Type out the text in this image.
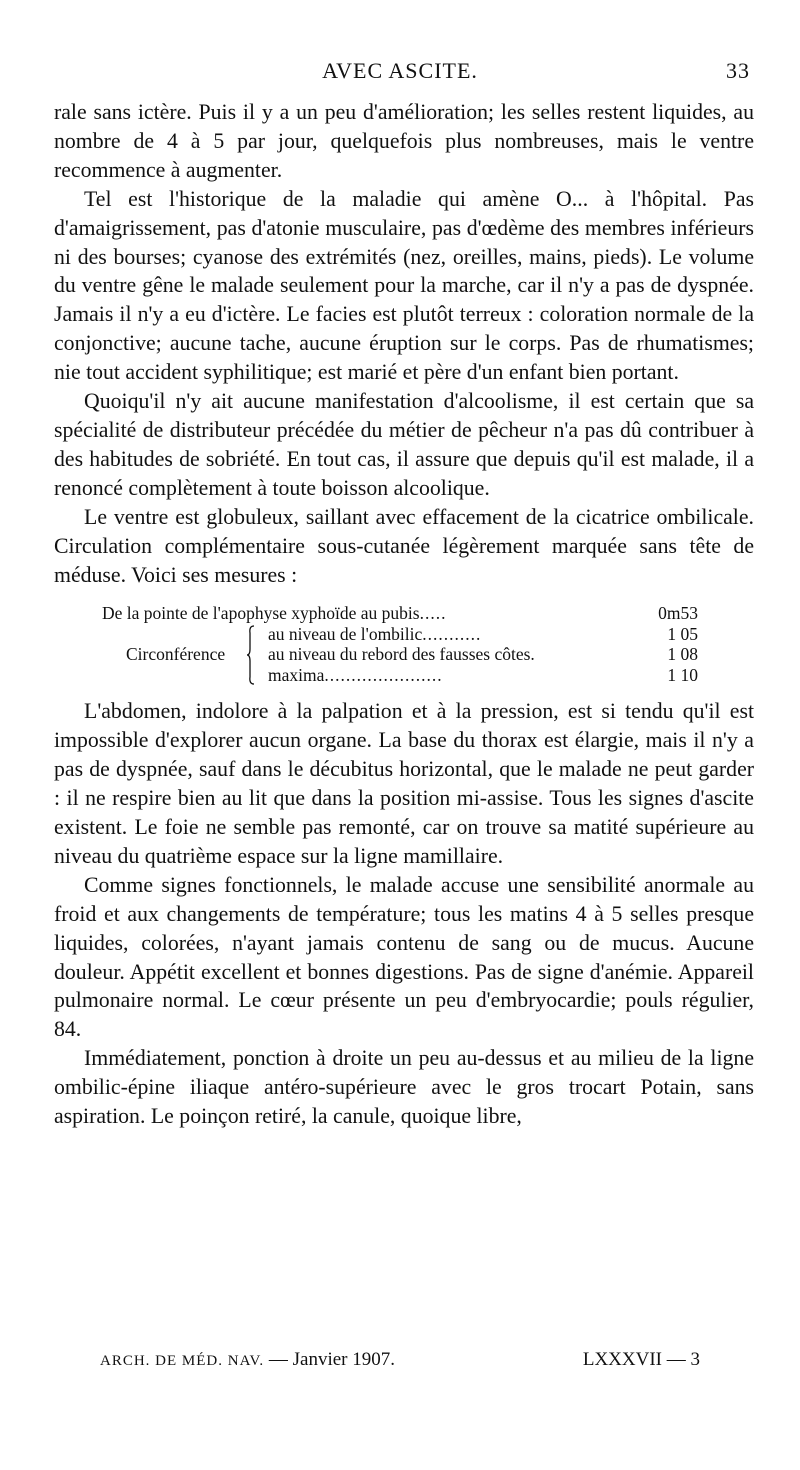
AVEC ASCITE.	33

rale sans ictère. Puis il y a un peu d'amélioration; les selles restent liquides, au nombre de 4 à 5 par jour, quelquefois plus nombreuses, mais le ventre recommence à augmenter.

Tel est l'historique de la maladie qui amène O... à l'hôpital. Pas d'amaigrissement, pas d'atonie musculaire, pas d'œdème des membres inférieurs ni des bourses; cyanose des extrémités (nez, oreilles, mains, pieds). Le volume du ventre gêne le malade seulement pour la marche, car il n'y a pas de dyspnée. Jamais il n'y a eu d'ictère. Le facies est plutôt terreux : coloration normale de la conjonctive; aucune tache, aucune éruption sur le corps. Pas de rhumatismes; nie tout accident syphilitique; est marié et père d'un enfant bien portant.

Quoiqu'il n'y ait aucune manifestation d'alcoolisme, il est certain que sa spécialité de distributeur précédée du métier de pêcheur n'a pas dû contribuer à des habitudes de sobriété. En tout cas, il assure que depuis qu'il est malade, il a renoncé complètement à toute boisson alcoolique.

Le ventre est globuleux, saillant avec effacement de la cicatrice ombilicale. Circulation complémentaire sous-cutanée légèrement marquée sans tête de méduse. Voici ses mesures :

De la pointe de l'apophyse xyphoïde au pubis.....	0m53
au niveau de l'ombilic...........	1 05
au niveau du rebord des fausses côtes.	1 08
maxima......................	1 10
Circonférence

L'abdomen, indolore à la palpation et à la pression, est si tendu qu'il est impossible d'explorer aucun organe. La base du thorax est élargie, mais il n'y a pas de dyspnée, sauf dans le décubitus horizontal, que le malade ne peut garder : il ne respire bien au lit que dans la position mi-assise. Tous les signes d'ascite existent. Le foie ne semble pas remonté, car on trouve sa matité supérieure au niveau du quatrième espace sur la ligne mamillaire.

Comme signes fonctionnels, le malade accuse une sensibilité anormale au froid et aux changements de température; tous les matins 4 à 5 selles presque liquides, colorées, n'ayant jamais contenu de sang ou de mucus. Aucune douleur. Appétit excellent et bonnes digestions. Pas de signe d'anémie. Appareil pulmonaire normal. Le cœur présente un peu d'embryocardie; pouls régulier, 84.

Immédiatement, ponction à droite un peu au-dessus et au milieu de la ligne ombilic-épine iliaque antéro-supérieure avec le gros trocart Potain, sans aspiration. Le poinçon retiré, la canule, quoique libre,

ARCH. DE MÉD. NAV. — Janvier 1907.	LXXXVII — 3
